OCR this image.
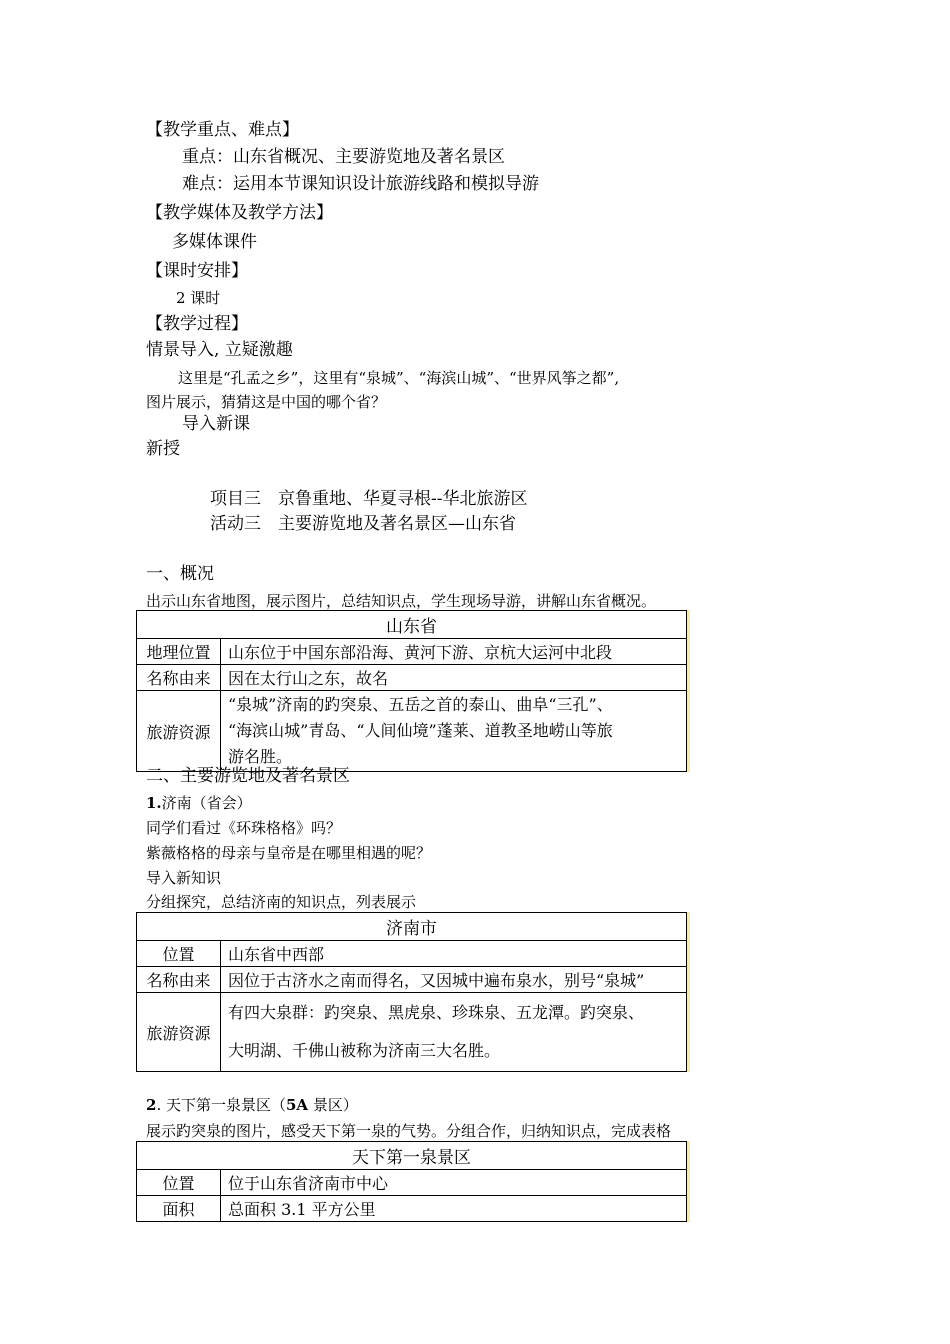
【教学重点、难点】
重点：山东省概况、主要游览地及著名景区
难点：运用本节课知识设计旅游线路和模拟导游
【教学媒体及教学方法】
多媒体课件
【课时安排】
2 课时
【教学过程】
情景导入, 立疑激趣
这里是“孔孟之乡”，这里有“泉城”、“海滨山城”、“世界风筝之都”,
图片展示，猜猜这是中国的哪个省？
导入新课
新授
项目三　京鲁重地、华夏寻根--华北旅游区
活动三　主要游览地及著名景区—山东省
一、概况
出示山东省地图，展示图片，总结知识点，学生现场导游，讲解山东省概况。
山东省	
地理位置	山东位于中国东部沿海、黄河下游、京杭大运河中北段
名称由来	因在太行山之东，故名
旅游资源	“泉城”济南的趵突泉、五岳之首的泰山、曲阜“三孔”、
“海滨山城”青岛、“人间仙境”蓬莱、道教圣地崂山等旅
游名胜。
二、主要游览地及著名景区
1.济南（省会）
同学们看过《环珠格格》吗？
紫薇格格的母亲与皇帝是在哪里相遇的呢？
导入新知识
分组探究，总结济南的知识点，列表展示
济南市	
位置	山东省中西部
名称由来	因位于古济水之南而得名，又因城中遍布泉水，别号“泉城”
旅游资源	有四大泉群：趵突泉、黑虎泉、珍珠泉、五龙潭。趵突泉、
大明湖、千佛山被称为济南三大名胜。
2. 天下第一泉景区（5A 景区）
展示趵突泉的图片，感受天下第一泉的气势。分组合作，归纳知识点，完成表格
天下第一泉景区	
位置	位于山东省济南市中心
面积	总面积 3.1 平方公里
